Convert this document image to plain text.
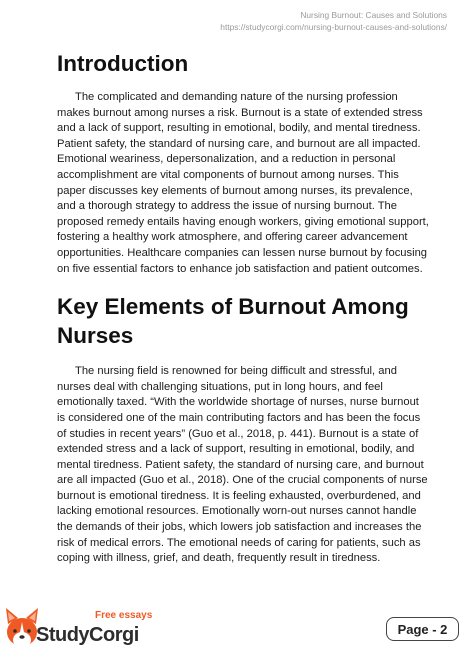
Nursing Burnout: Causes and Solutions
https://studycorgi.com/nursing-burnout-causes-and-solutions/
Introduction

The complicated and demanding nature of the nursing profession makes burnout among nurses a risk. Burnout is a state of extended stress and a lack of support, resulting in emotional, bodily, and mental tiredness. Patient safety, the standard of nursing care, and burnout are all impacted. Emotional weariness, depersonalization, and a reduction in personal accomplishment are vital components of burnout among nurses. This paper discusses key elements of burnout among nurses, its prevalence, and a thorough strategy to address the issue of nursing burnout. The proposed remedy entails having enough workers, giving emotional support, fostering a healthy work atmosphere, and offering career advancement opportunities. Healthcare companies can lessen nurse burnout by focusing on five essential factors to enhance job satisfaction and patient outcomes.

Key Elements of Burnout Among Nurses

The nursing field is renowned for being difficult and stressful, and nurses deal with challenging situations, put in long hours, and feel emotionally taxed. “With the worldwide shortage of nurses, nurse burnout is considered one of the main contributing factors and has been the focus of studies in recent years” (Guo et al., 2018, p. 441). Burnout is a state of extended stress and a lack of support, resulting in emotional, bodily, and mental tiredness. Patient safety, the standard of nursing care, and burnout are all impacted (Guo et al., 2018). One of the crucial components of nurse burnout is emotional tiredness. It is feeling exhausted, overburdened, and lacking emotional resources. Emotionally worn-out nurses cannot handle the demands of their jobs, which lowers job satisfaction and increases the risk of medical errors. The emotional needs of caring for patients, such as coping with illness, grief, and death, frequently result in tiredness.

Free essays
StudyCorgi	Page - 2
